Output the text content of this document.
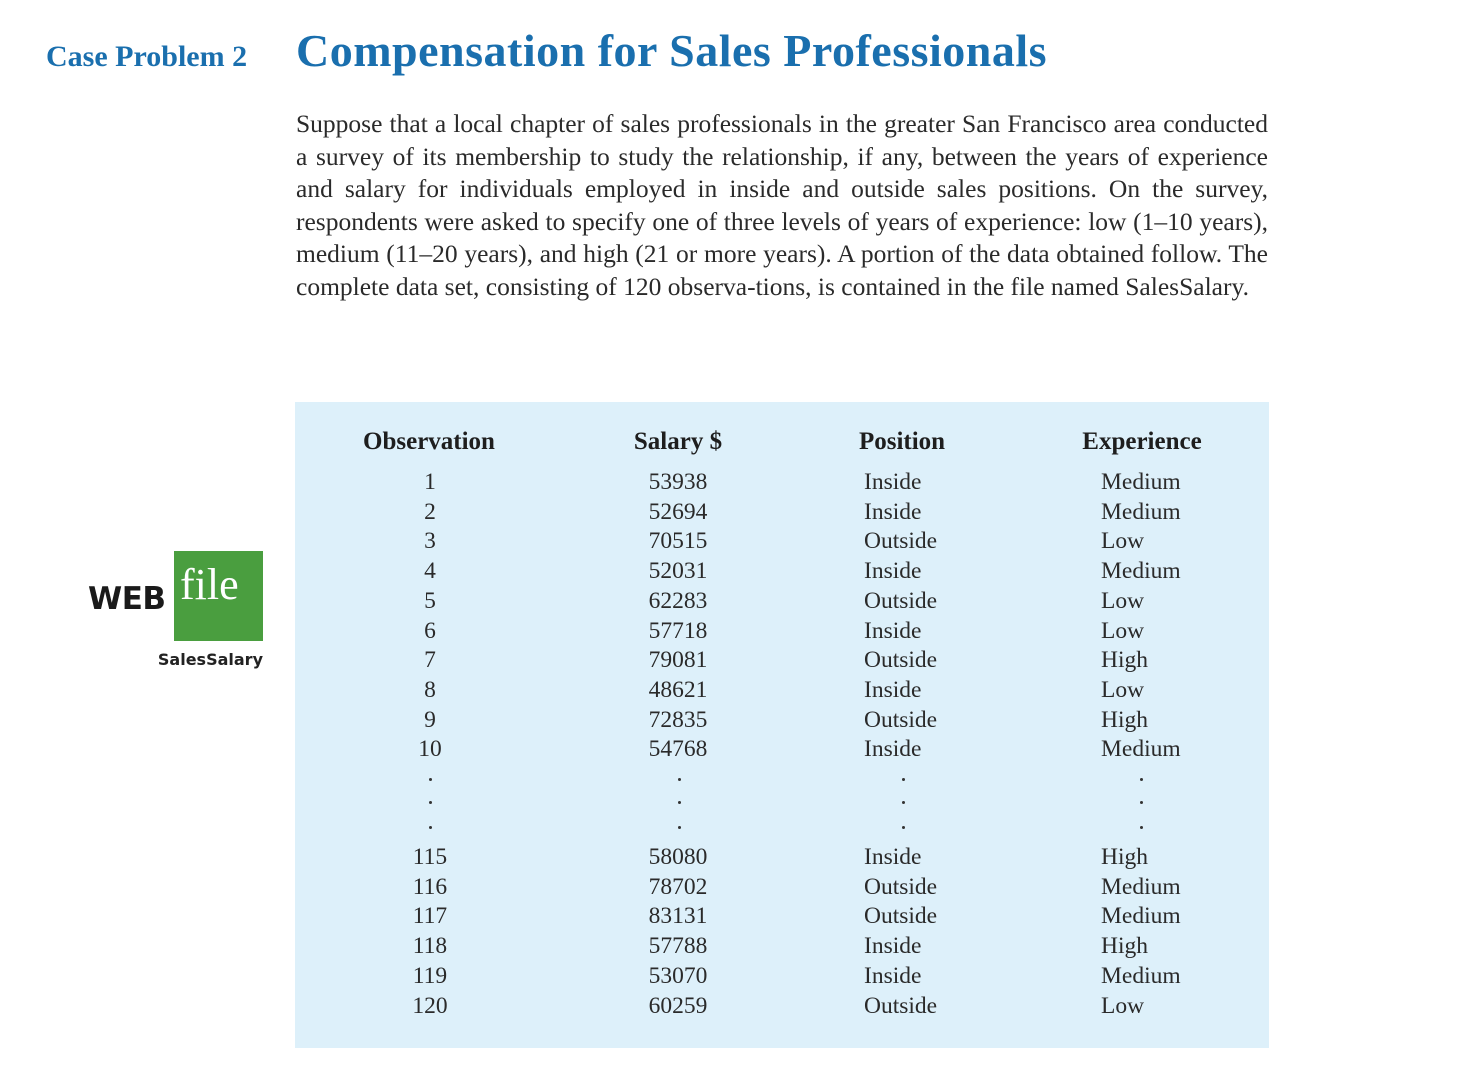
Case Problem 2 Compensation for Sales Professionals
Suppose that a local chapter of sales professionals in the greater San Francisco area conducted a survey of its membership to study the relationship, if any, between the years of experience and salary for individuals employed in inside and outside sales positions. On the survey, respondents were asked to specify one of three levels of years of experience: low (1–10 years), medium (11–20 years), and high (21 or more years). A portion of the data obtained follow. The complete data set, consisting of 120 observa-tions, is contained in the file named SalesSalary.
WEB file
SalesSalary
Observation	Salary $	Position	Experience
1	53938	Inside	Medium
2	52694	Inside	Medium
3	70515	Outside	Low
4	52031	Inside	Medium
5	62283	Outside	Low
6	57718	Inside	Low
7	79081	Outside	High
8	48621	Inside	Low
9	72835	Outside	High
10	54768	Inside	Medium
115	58080	Inside	High
116	78702	Outside	Medium
117	83131	Outside	Medium
118	57788	Inside	High
119	53070	Inside	Medium
120	60259	Outside	Low
